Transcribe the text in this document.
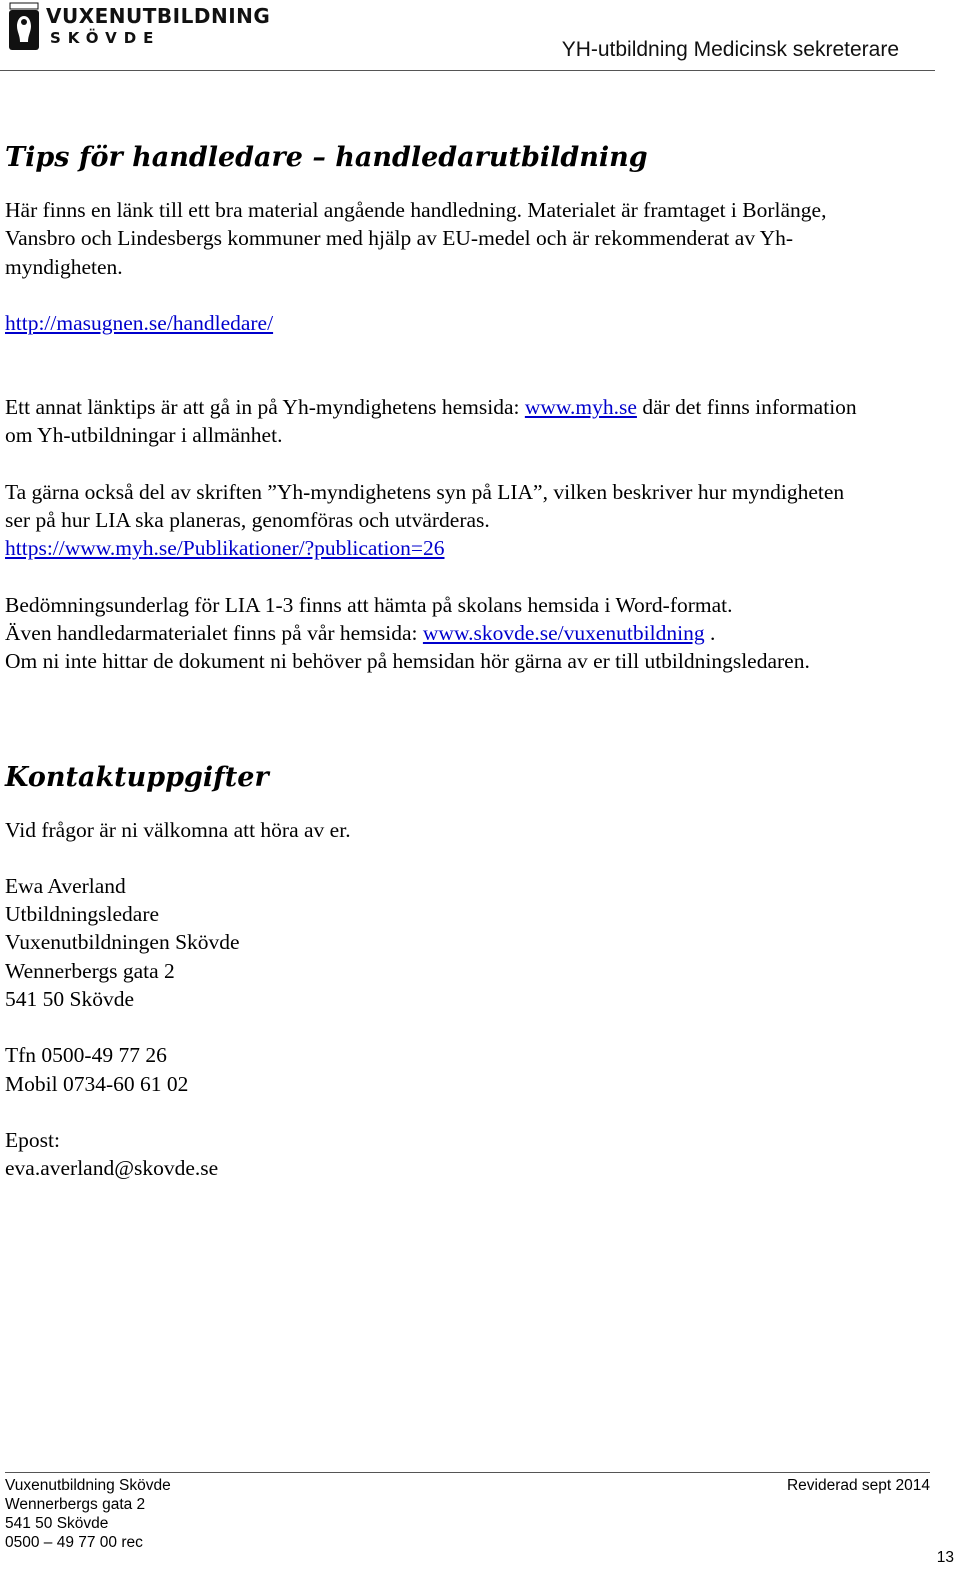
VUXENUTBILDNING
SKÖVDE	YH-utbildning Medicinsk sekreterare
Tips för handledare – handledarutbildning

Här finns en länk till ett bra material angående handledning. Materialet är framtaget i Borlänge, Vansbro och Lindesbergs kommuner med hjälp av EU-medel och är rekommenderat av Yh-myndigheten.

http://masugnen.se/handledare/

Ett annat länktips är att gå in på Yh-myndighetens hemsida: www.myh.se där det finns information om Yh-utbildningar i allmänhet.

Ta gärna också del av skriften ”Yh-myndighetens syn på LIA”, vilken beskriver hur myndigheten ser på hur LIA ska planeras, genomföras och utvärderas.

https://www.myh.se/Publikationer/?publication=26

Bedömningsunderlag för LIA 1-3 finns att hämta på skolans hemsida i Word-format.

Även handledarmaterialet finns på vår hemsida: www.skovde.se/vuxenutbildning .

Om ni inte hittar de dokument ni behöver på hemsidan hör gärna av er till utbildningsledaren.

Kontaktuppgifter

Vid frågor är ni välkomna att höra av er.

Ewa Averland

Utbildningsledare

Vuxenutbildningen Skövde

Wennerbergs gata 2

541 50 Skövde

Tfn 0500-49 77 26

Mobil 0734-60 61 02

Epost:

eva.averland@skovde.se

Vuxenutbildning Skövde
Wennerbergs gata 2
541 50 Skövde
0500 – 49 77 00 rec
Reviderad sept 2014
13
